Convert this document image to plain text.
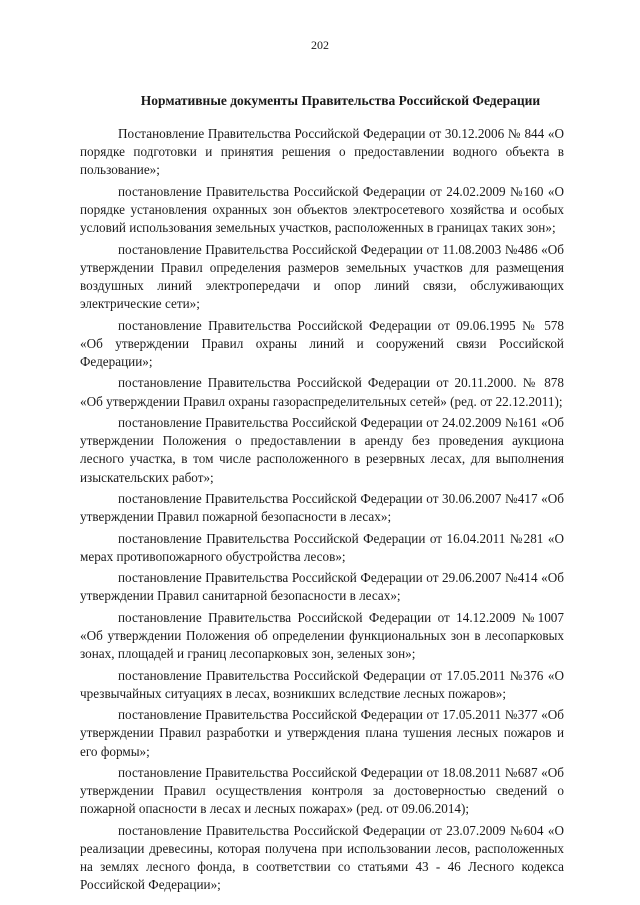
202
Нормативные документы Правительства Российской Федерации

Постановление Правительства Российской Федерации от 30.12.2006 № 844 «О порядке подготовки и принятия решения о предоставлении водного объекта в пользование»;

постановление Правительства Российской Федерации от 24.02.2009 №160 «О порядке установления охранных зон объектов электросетевого хозяйства и особых условий использования земельных участков, расположенных в границах таких зон»;

постановление Правительства Российской Федерации от 11.08.2003 №486 «Об утверждении Правил определения размеров земельных участков для размещения воздушных линий электропередачи и опор линий связи, обслуживающих электрические сети»;

постановление Правительства Российской Федерации от 09.06.1995 № 578 «Об утверждении Правил охраны линий и сооружений связи Российской Федерации»;

постановление Правительства Российской Федерации от 20.11.2000. № 878 «Об утверждении Правил охраны газораспределительных сетей» (ред. от 22.12.2011);

постановление Правительства Российской Федерации от 24.02.2009 №161 «Об утверждении Положения о предоставлении в аренду без проведения аукциона лесного участка, в том числе расположенного в резервных лесах, для выполнения изыскательских работ»;

постановление Правительства Российской Федерации от 30.06.2007 №417 «Об утверждении Правил пожарной безопасности в лесах»;

постановление Правительства Российской Федерации от 16.04.2011 №281 «О мерах противопожарного обустройства лесов»;

постановление Правительства Российской Федерации от 29.06.2007 №414 «Об утверждении Правил санитарной безопасности в лесах»;

постановление Правительства Российской Федерации от 14.12.2009 №1007 «Об утверждении Положения об определении функциональных зон в лесопарковых зонах, площадей и границ лесопарковых зон, зеленых зон»;

постановление Правительства Российской Федерации от 17.05.2011 №376 «О чрезвычайных ситуациях в лесах, возникших вследствие лесных пожаров»;

постановление Правительства Российской Федерации от 17.05.2011 №377 «Об утверждении Правил разработки и утверждения плана тушения лесных пожаров и его формы»;

постановление Правительства Российской Федерации от 18.08.2011 №687 «Об утверждении Правил осуществления контроля за достоверностью сведений о пожарной опасности в лесах и лесных пожарах» (ред. от 09.06.2014);

постановление Правительства Российской Федерации от 23.07.2009 №604 «О реализации древесины, которая получена при использовании лесов, расположенных на землях лесного фонда, в соответствии со статьями 43 - 46 Лесного кодекса Российской Федерации»;
